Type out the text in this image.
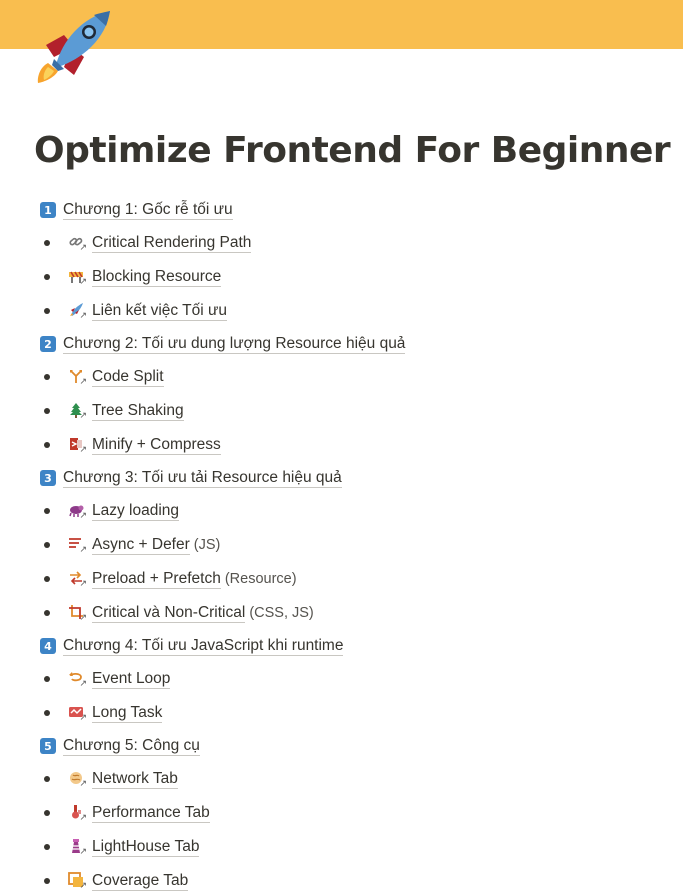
Optimize Frontend For Beginner
1 Chương 1: Gốc rễ tối ưu
↗ Critical Rendering Path
↗ Blocking Resource
↗ Liên kết việc Tối ưu
2 Chương 2: Tối ưu dung lượng Resource hiệu quả
↗ Code Split
↗ Tree Shaking
↗ Minify + Compress
3 Chương 3: Tối ưu tải Resource hiệu quả
↗ Lazy loading
↗ Async + Defer (JS)
↗ Preload + Prefetch (Resource)
↗ Critical và Non-Critical (CSS, JS)
4 Chương 4: Tối ưu JavaScript khi runtime
↗ Event Loop
↗ Long Task
5 Chương 5: Công cụ
↗ Network Tab
↗ Performance Tab
↗ LightHouse Tab
↗ Coverage Tab
